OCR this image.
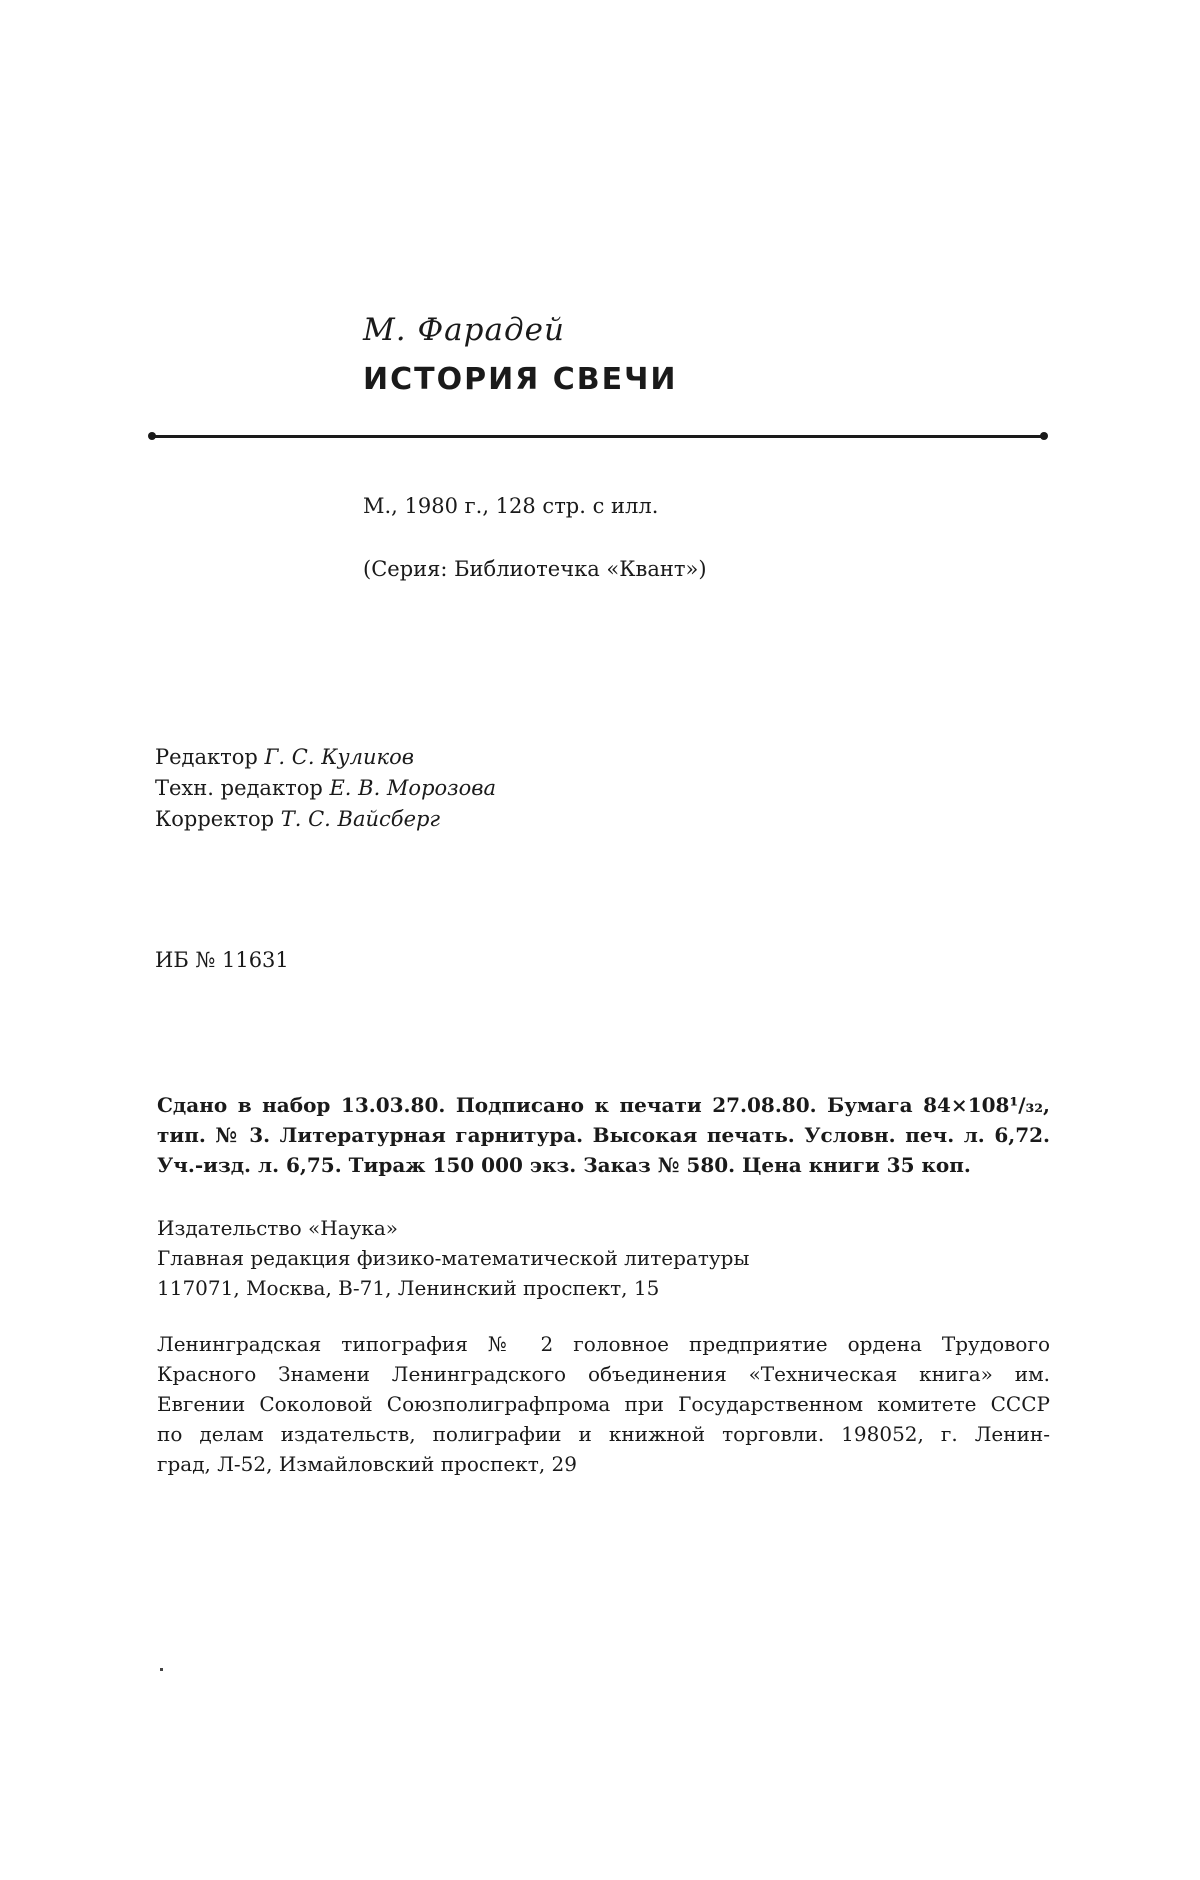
М. Фарадей
ИСТОРИЯ СВЕЧИ

М., 1980 г., 128 стр. с илл.

(Серия: Библиотечка «Квант»)

Редактор Г. С. Куликов
Техн. редактор Е. В. Морозова
Корректор Т. С. Вайсберг

ИБ № 11631

Сдано в набор 13.03.80. Подписано к печати 27.08.80. Бумага 84×108¹/₃₂,
тип. № 3. Литературная гарнитура. Высокая печать. Условн. печ. л. 6,72.
Уч.-изд. л. 6,75. Тираж 150 000 экз. Заказ № 580. Цена книги 35 коп.
Издательство «Наука»
Главная редакция физико-математической литературы
117071, Москва, В-71, Ленинский проспект, 15
Ленинградская типография № 2 головное предприятие ордена Трудового
Красного Знамени Ленинградского объединения «Техническая книга» им.
Евгении Соколовой Союзполиграфпрома при Государственном комитете СССР
по делам издательств, полиграфии и книжной торговли. 198052, г. Ленин-
град, Л-52, Измайловский проспект, 29
